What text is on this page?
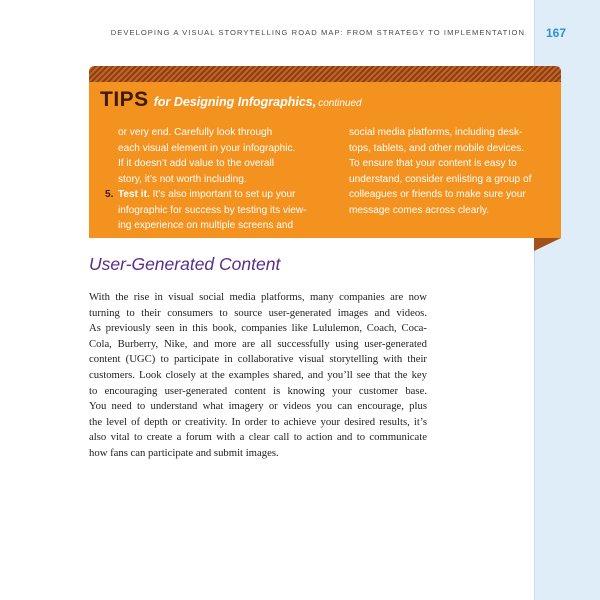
DEVELOPING A VISUAL STORYTELLING ROAD MAP: FROM STRATEGY TO IMPLEMENTATION	167
TIPS for Designing Infographics, continued
or very end. Carefully look through
each visual element in your infographic.
If it doesn’t add value to the overall
story, it’s not worth including.
5. Test it. It’s also important to set up your
infographic for success by testing its view-
ing experience on multiple screens and
social media platforms, including desk-
tops, tablets, and other mobile devices.
To ensure that your content is easy to
understand, consider enlisting a group of
colleagues or friends to make sure your
message comes across clearly.
User-Generated Content
With the rise in visual social media platforms, many companies are now
turning to their consumers to source user-generated images and videos.
As previously seen in this book, companies like Lululemon, Coach, Coca-
Cola, Burberry, Nike, and more are all successfully using user-generated
content (UGC) to participate in collaborative visual storytelling with their
customers. Look closely at the examples shared, and you’ll see that the key
to encouraging user-generated content is knowing your customer base.
You need to understand what imagery or videos you can encourage, plus
the level of depth or creativity. In order to achieve your desired results, it’s
also vital to create a forum with a clear call to action and to communicate
how fans can participate and submit images.
